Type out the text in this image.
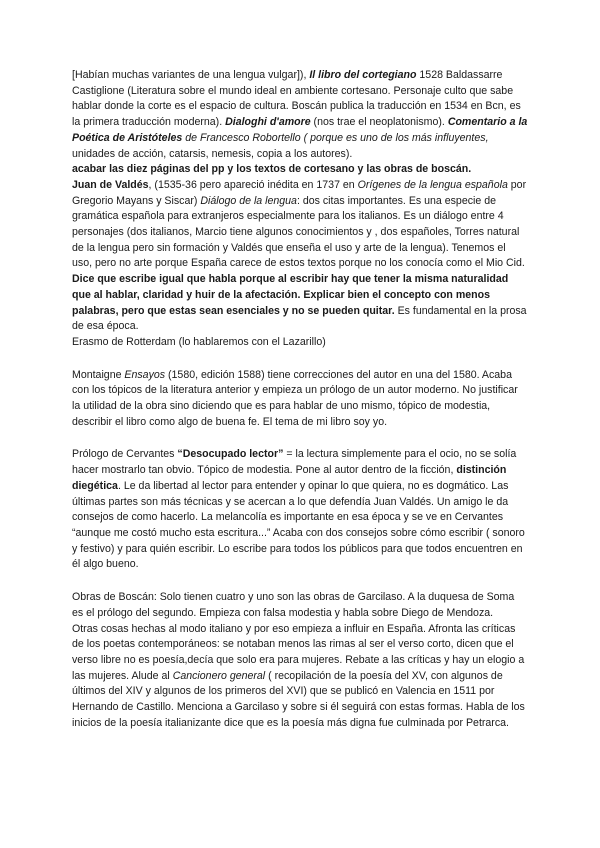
[Habían muchas variantes de una lengua vulgar]), Il libro del cortegiano 1528 Baldassarre Castiglione (Literatura sobre el mundo ideal en ambiente cortesano. Personaje culto que sabe hablar donde la corte es el espacio de cultura. Boscán publica la traducción en 1534 en Bcn, es la primera traducción moderna). Dialoghi d'amore (nos trae el neoplatonismo). Comentario a la Poética de Aristóteles de Francesco Robortello ( porque es uno de los más influyentes, unidades de acción, catarsis, nemesis, copia a los autores).

acabar las diez páginas del pp y los textos de cortesano y las obras de boscán.

Juan de Valdés, (1535-36 pero apareció inédita en 1737 en Orígenes de la lengua española por Gregorio Mayans y Siscar) Diálogo de la lengua: dos citas importantes. Es una especie de gramática española para extranjeros especialmente para los italianos. Es un diálogo entre 4 personajes (dos italianos, Marcio tiene algunos conocimientos y , dos españoles, Torres natural de la lengua pero sin formación y Valdés que enseña el uso y arte de la lengua). Tenemos el uso, pero no arte porque España carece de estos textos porque no los conocía como el Mio Cid.

Dice que escribe igual que habla porque al escribir hay que tener la misma naturalidad que al hablar, claridad y huir de la afectación. Explicar bien el concepto con menos palabras, pero que estas sean esenciales y no se pueden quitar. Es fundamental en la prosa de esa época.

Erasmo de Rotterdam (lo hablaremos con el Lazarillo)

Montaigne Ensayos (1580, edición 1588) tiene correcciones del autor en una del 1580. Acaba con los tópicos de la literatura anterior y empieza un prólogo de un autor moderno. No justificar la utilidad de la obra sino diciendo que es para hablar de uno mismo, tópico de modestia, describir el libro como algo de buena fe. El tema de mi libro soy yo.

Prólogo de Cervantes “Desocupado lector” = la lectura simplemente para el ocio, no se solía hacer mostrarlo tan obvio. Tópico de modestia. Pone al autor dentro de la ficción, distinción diegética. Le da libertad al lector para entender y opinar lo que quiera, no es dogmático. Las últimas partes son más técnicas y se acercan a lo que defendía Juan Valdés. Un amigo le da consejos de como hacerlo. La melancolía es importante en esa época y se ve en Cervantes “aunque me costó mucho esta escritura...” Acaba con dos consejos sobre cómo escribir ( sonoro y festivo) y para quién escribir. Lo escribe para todos los públicos para que todos encuentren en él algo bueno.

Obras de Boscán: Solo tienen cuatro y uno son las obras de Garcilaso. A la duquesa de Soma es el prólogo del segundo. Empieza con falsa modestia y habla sobre Diego de Mendoza.

Otras cosas hechas al modo italiano y por eso empieza a influir en España. Afronta las críticas de los poetas contemporáneos: se notaban menos las rimas al ser el verso corto, dicen que el verso libre no es poesía,decía que solo era para mujeres. Rebate a las críticas y hay un elogio a las mujeres. Alude al Cancionero general ( recopilación de la poesía del XV, con algunos de últimos del XIV y algunos de los primeros del XVI) que se publicó en Valencia en 1511 por Hernando de Castillo. Menciona a Garcilaso y sobre si él seguirá con estas formas. Habla de los inicios de la poesía italianizante dice que es la poesía más digna fue culminada por Petrarca.
